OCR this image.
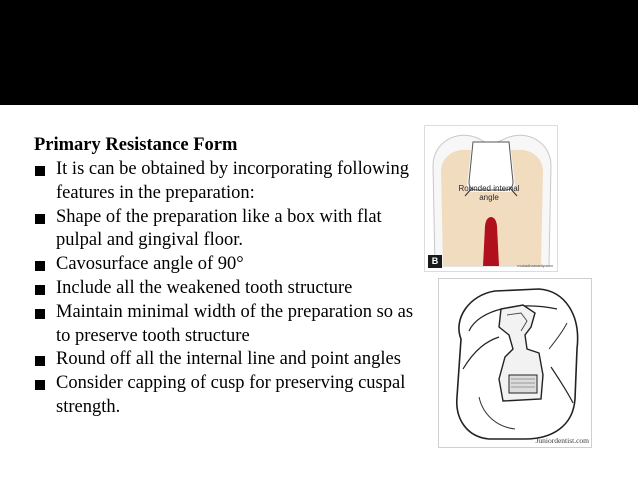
Primary Resistance Form
It is can be obtained by incorporating following features in the preparation:
Shape of the preparation like a box with flat pulpal and gingival floor.
Cavosurface angle of 90°
Include all the weakened tooth structure
Maintain minimal width of the preparation so as to preserve tooth structure
Round off all the internal line and point angles
Consider capping of cusp for preserving cuspal strength.
Rounded internal angle
B	mukadhamanty.com
Juniordentist.com
